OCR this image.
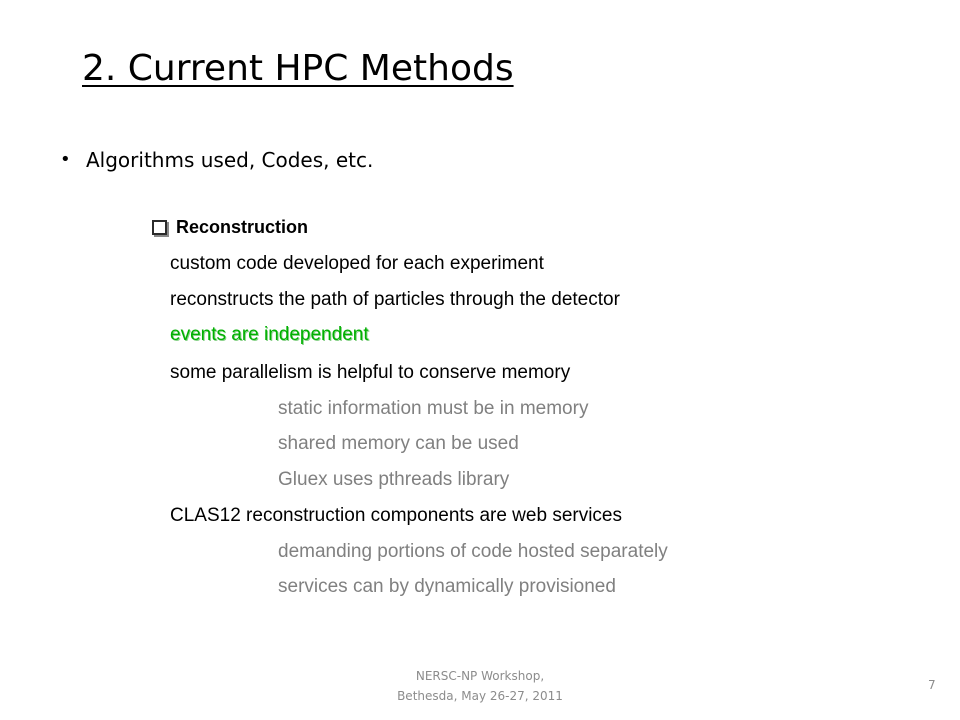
2. Current HPC Methods
• Algorithms used, Codes, etc.
Reconstruction
custom code developed for each experiment
reconstructs the path of particles through the detector
events are independent
some parallelism is helpful to conserve memory
static information must be in memory
shared memory can be used
Gluex uses pthreads library
CLAS12 reconstruction components are web services
demanding portions of code hosted separately
services can by dynamically provisioned
NERSC-NP Workshop,
Bethesda, May 26-27, 2011
7
